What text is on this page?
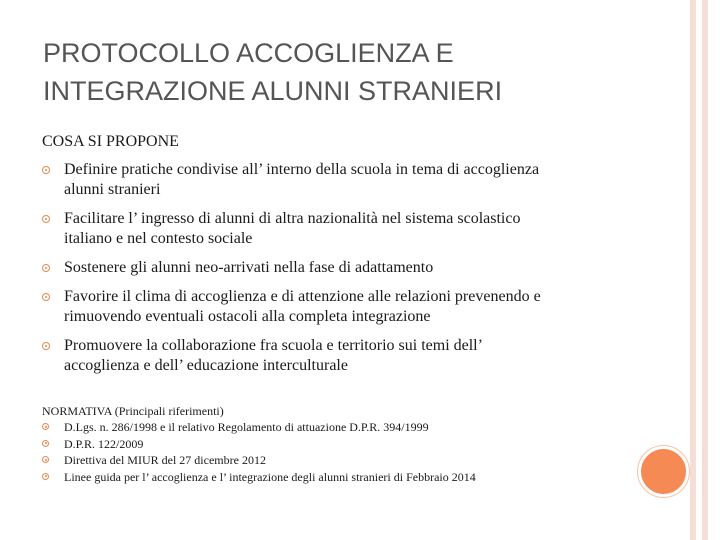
PROTOCOLLO ACCOGLIENZA E
INTEGRAZIONE ALUNNI STRANIERI

COSA SI PROPONE

Definire pratiche condivise all’ interno della scuola in tema di accoglienza
alunni stranieri
Facilitare l’ ingresso di alunni di altra nazionalità nel sistema scolastico
italiano e nel contesto sociale
Sostenere gli alunni neo-arrivati nella fase di adattamento
Favorire il clima di accoglienza e di attenzione alle relazioni prevenendo e
rimuovendo eventuali ostacoli alla completa integrazione
Promuovere la collaborazione fra scuola e territorio sui temi dell’
accoglienza e dell’ educazione interculturale

NORMATIVA (Principali riferimenti)

D.Lgs. n. 286/1998 e il relativo Regolamento di attuazione D.P.R. 394/1999
D.P.R. 122/2009
Direttiva del MIUR del 27 dicembre 2012
Linee guida per l’ accoglienza e l’ integrazione degli alunni stranieri di Febbraio 2014
